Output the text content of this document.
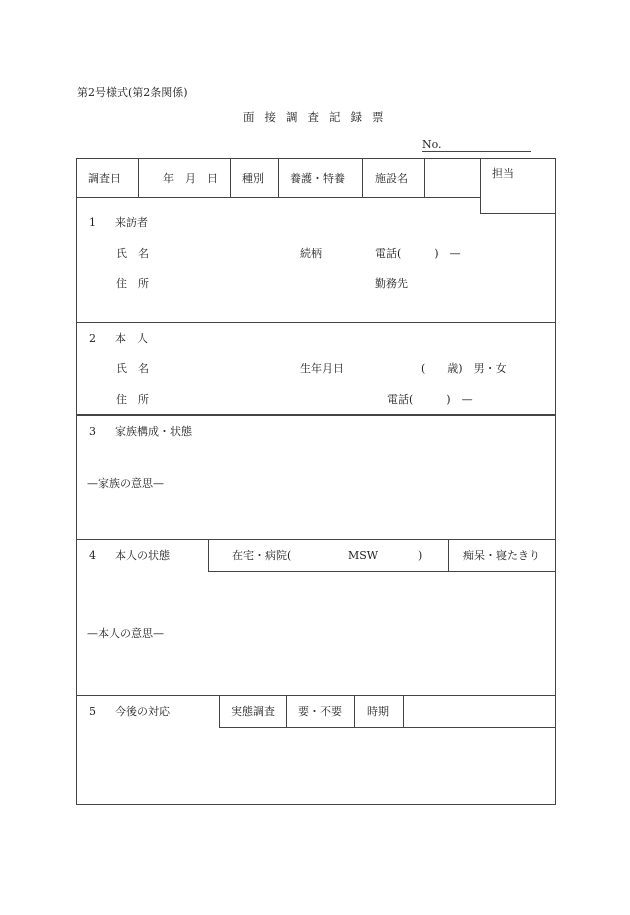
第2号様式(第2条関係)
面接調査記録票
No.
調査日	年　月　日 種別 養護・特養	施設名	担当
1 来訪者
氏　名	続柄	電話(　　　)　—
住　所	勤務先
2 本　人
氏　名	生年月日	(　　歳)　男・女
住　所	電話(　　　)　—
3 家族構成・状態
—家族の意思—
4 本人の状態	在宅・病院(	MSW	)	痴呆・寝たきり
—本人の意思—
5 今後の対応	実態調査 要・不要 時期
